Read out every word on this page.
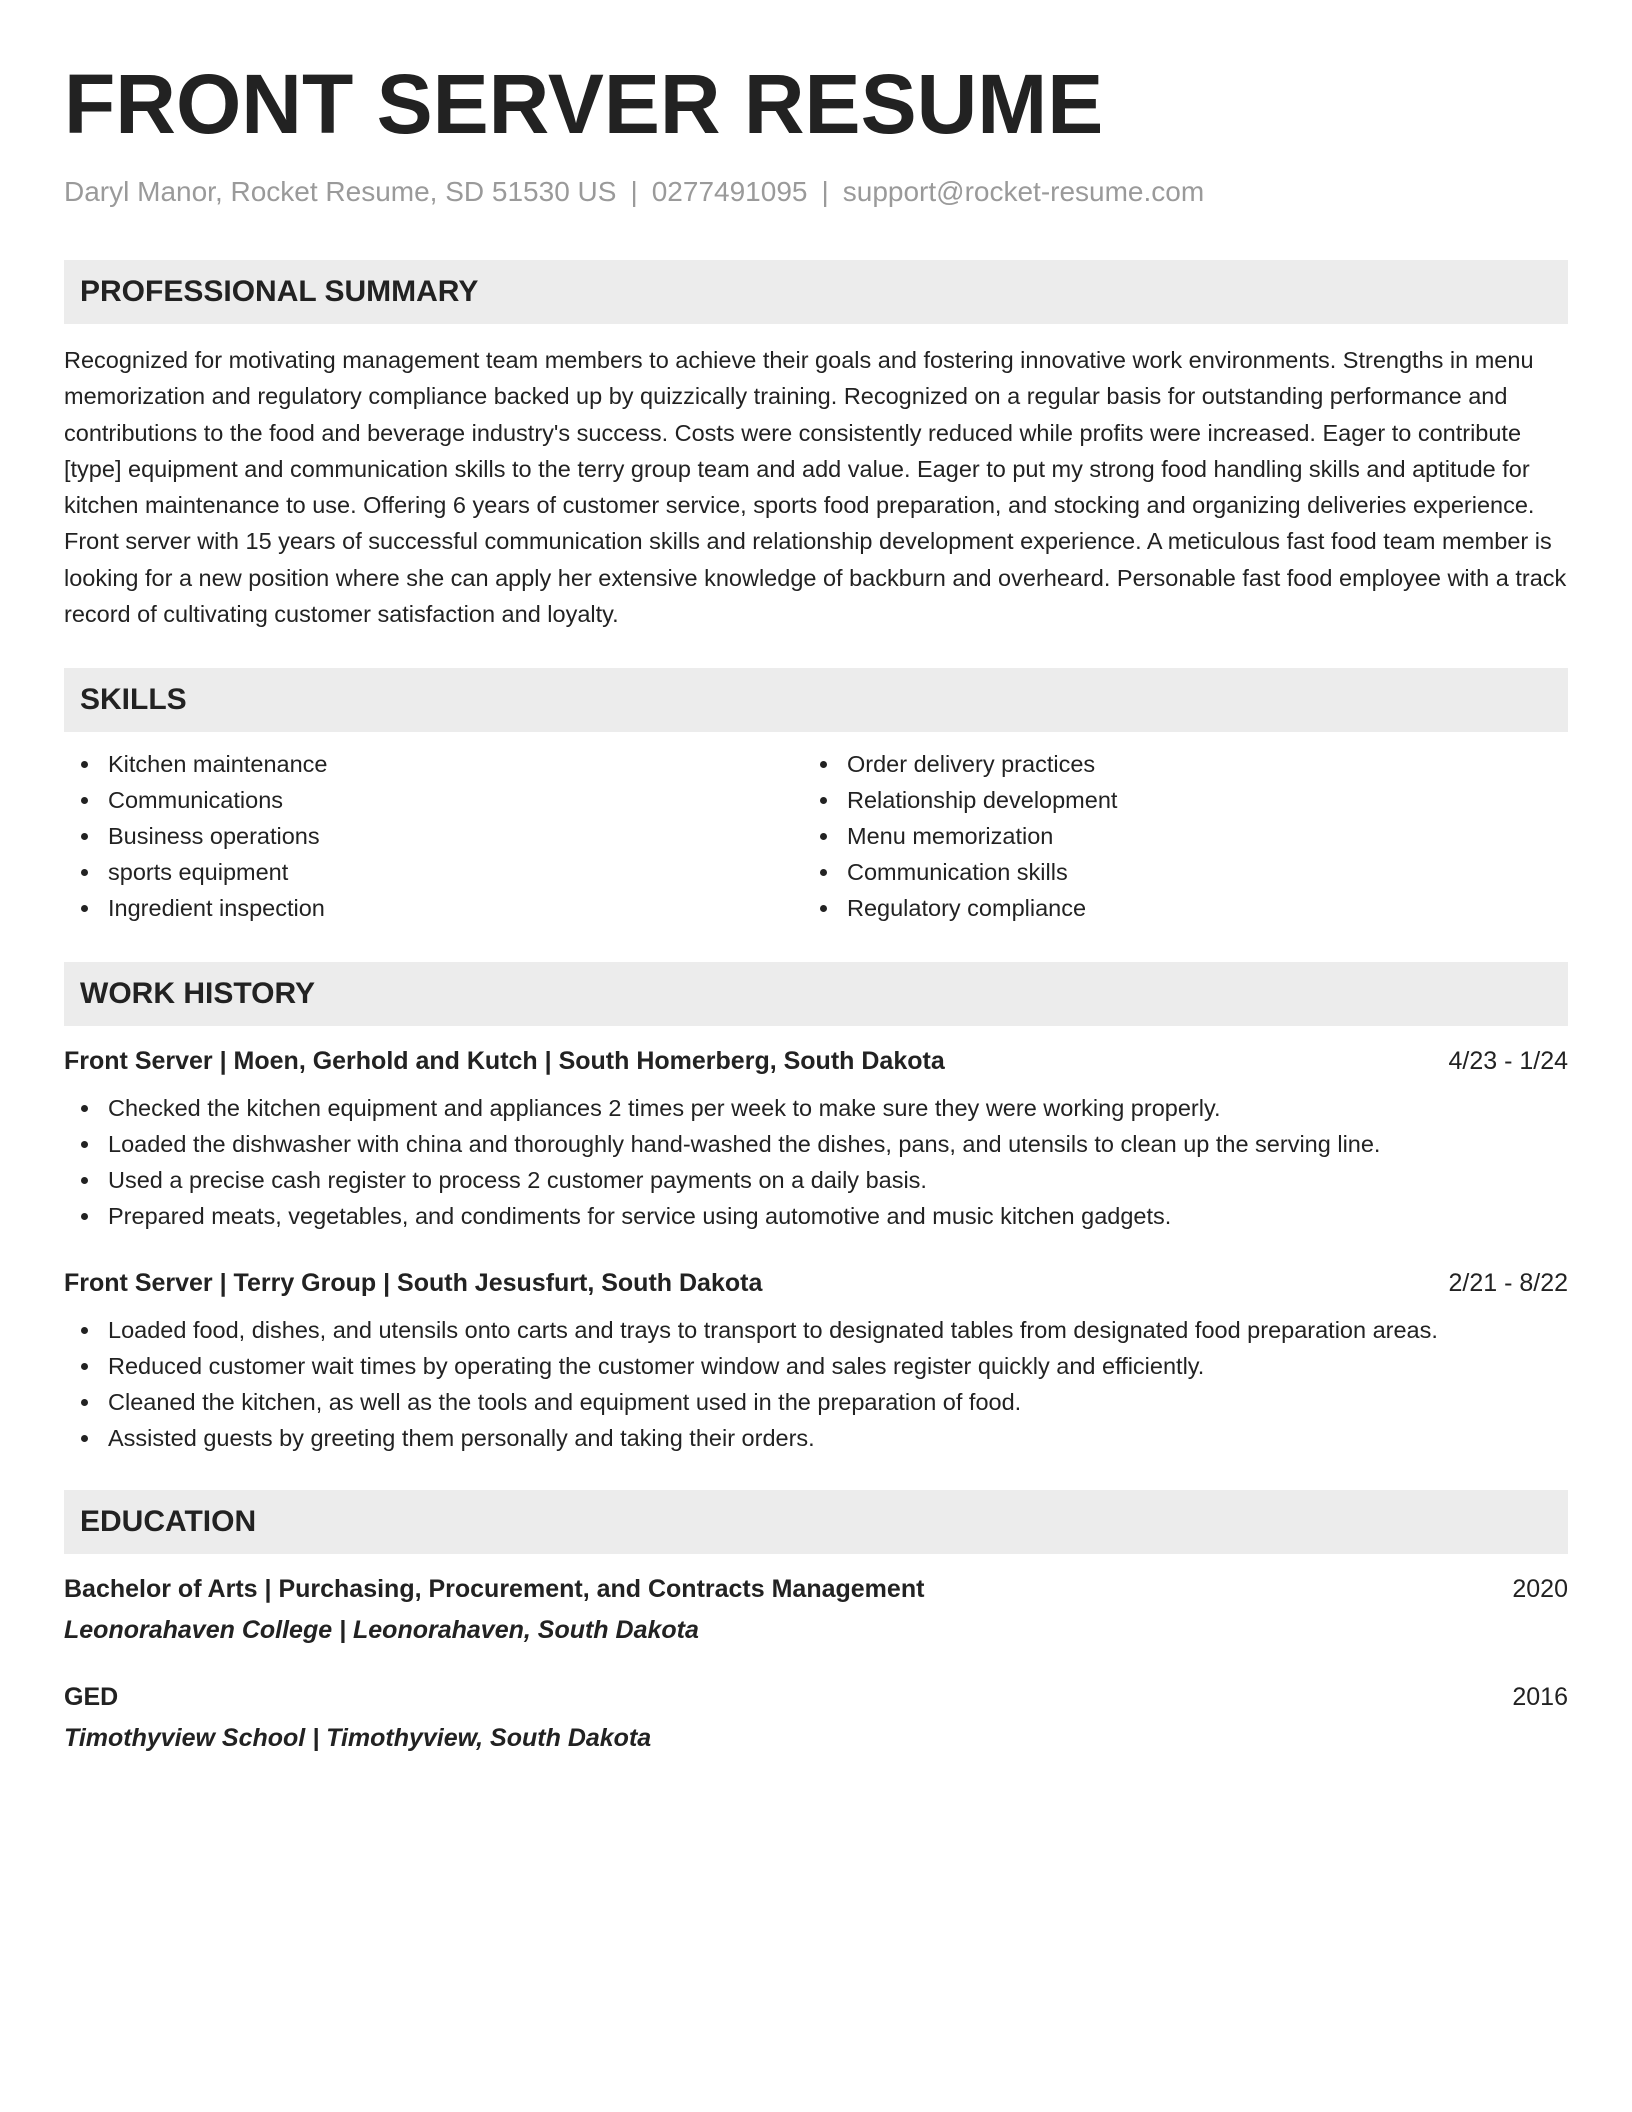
FRONT SERVER RESUME
Daryl Manor, Rocket Resume, SD 51530 US | 0277491095 | support@rocket-resume.com
PROFESSIONAL SUMMARY
Recognized for motivating management team members to achieve their goals and fostering innovative work environments. Strengths in menu memorization and regulatory compliance backed up by quizzically training. Recognized on a regular basis for outstanding performance and contributions to the food and beverage industry's success. Costs were consistently reduced while profits were increased. Eager to contribute [type] equipment and communication skills to the terry group team and add value. Eager to put my strong food handling skills and aptitude for kitchen maintenance to use. Offering 6 years of customer service, sports food preparation, and stocking and organizing deliveries experience. Front server with 15 years of successful communication skills and relationship development experience. A meticulous fast food team member is looking for a new position where she can apply her extensive knowledge of backburn and overheard. Personable fast food employee with a track record of cultivating customer satisfaction and loyalty.
SKILLS
Kitchen maintenance
Communications
Business operations
sports equipment
Ingredient inspection
Order delivery practices
Relationship development
Menu memorization
Communication skills
Regulatory compliance
WORK HISTORY
Front Server | Moen, Gerhold and Kutch | South Homerberg, South Dakota	4/23 - 1/24
Checked the kitchen equipment and appliances 2 times per week to make sure they were working properly.
Loaded the dishwasher with china and thoroughly hand-washed the dishes, pans, and utensils to clean up the serving line.
Used a precise cash register to process 2 customer payments on a daily basis.
Prepared meats, vegetables, and condiments for service using automotive and music kitchen gadgets.
Front Server | Terry Group | South Jesusfurt, South Dakota	2/21 - 8/22
Loaded food, dishes, and utensils onto carts and trays to transport to designated tables from designated food preparation areas.
Reduced customer wait times by operating the customer window and sales register quickly and efficiently.
Cleaned the kitchen, as well as the tools and equipment used in the preparation of food.
Assisted guests by greeting them personally and taking their orders.
EDUCATION
Bachelor of Arts | Purchasing, Procurement, and Contracts Management	2020
Leonorahaven College | Leonorahaven, South Dakota
GED	2016
Timothyview School | Timothyview, South Dakota
